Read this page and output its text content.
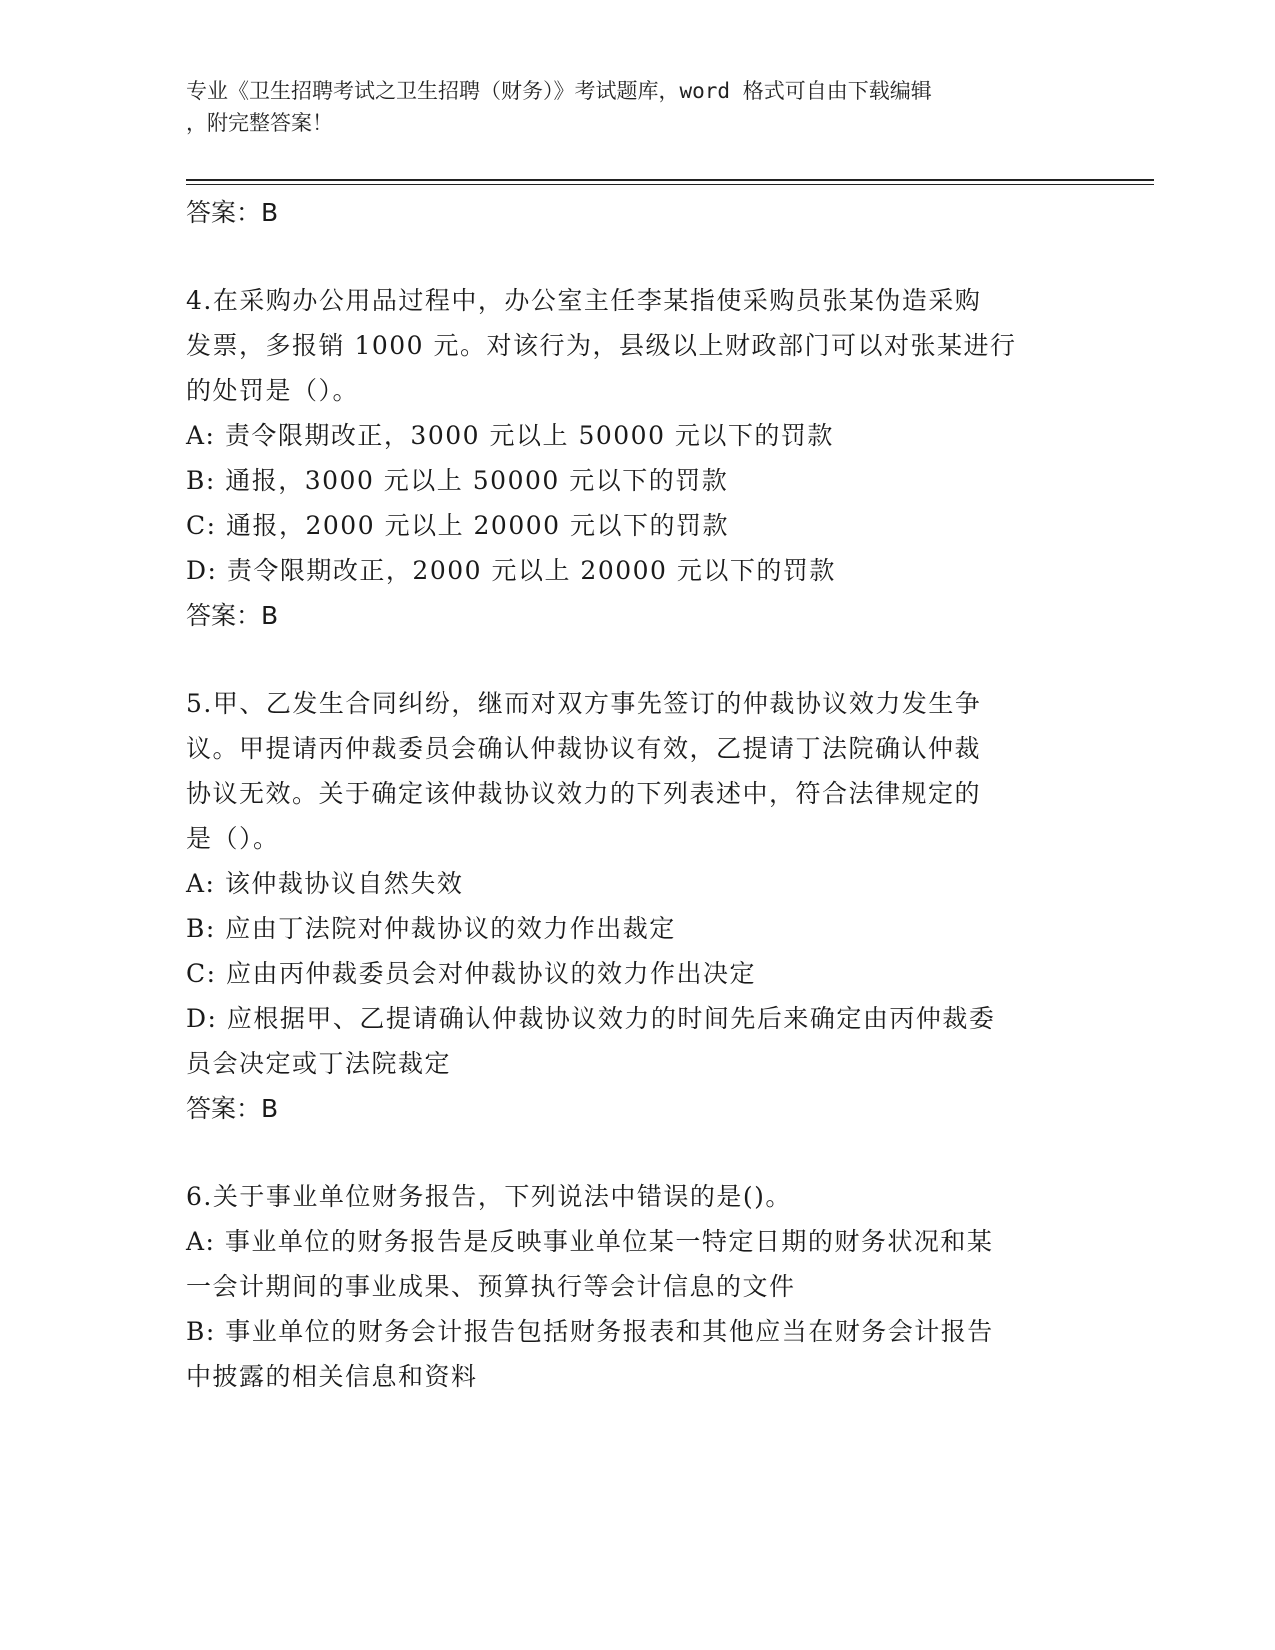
专业《卫生招聘考试之卫生招聘（财务）》考试题库，word 格式可自由下载编辑

，附完整答案！

答案：B

4.在采购办公用品过程中，办公室主任李某指使采购员张某伪造采购

发票，多报销 1000 元。对该行为，县级以上财政部门可以对张某进行

的处罚是（）。

A: 责令限期改正，3000 元以上 50000 元以下的罚款

B: 通报，3000 元以上 50000 元以下的罚款

C: 通报，2000 元以上 20000 元以下的罚款

D: 责令限期改正，2000 元以上 20000 元以下的罚款

答案：B

5.甲、乙发生合同纠纷，继而对双方事先签订的仲裁协议效力发生争

议。甲提请丙仲裁委员会确认仲裁协议有效，乙提请丁法院确认仲裁

协议无效。关于确定该仲裁协议效力的下列表述中，符合法律规定的

是（）。

A: 该仲裁协议自然失效

B: 应由丁法院对仲裁协议的效力作出裁定

C: 应由丙仲裁委员会对仲裁协议的效力作出决定

D: 应根据甲、乙提请确认仲裁协议效力的时间先后来确定由丙仲裁委

员会决定或丁法院裁定

答案：B

6.关于事业单位财务报告，下列说法中错误的是()。

A: 事业单位的财务报告是反映事业单位某一特定日期的财务状况和某

一会计期间的事业成果、预算执行等会计信息的文件

B: 事业单位的财务会计报告包括财务报表和其他应当在财务会计报告

中披露的相关信息和资料
